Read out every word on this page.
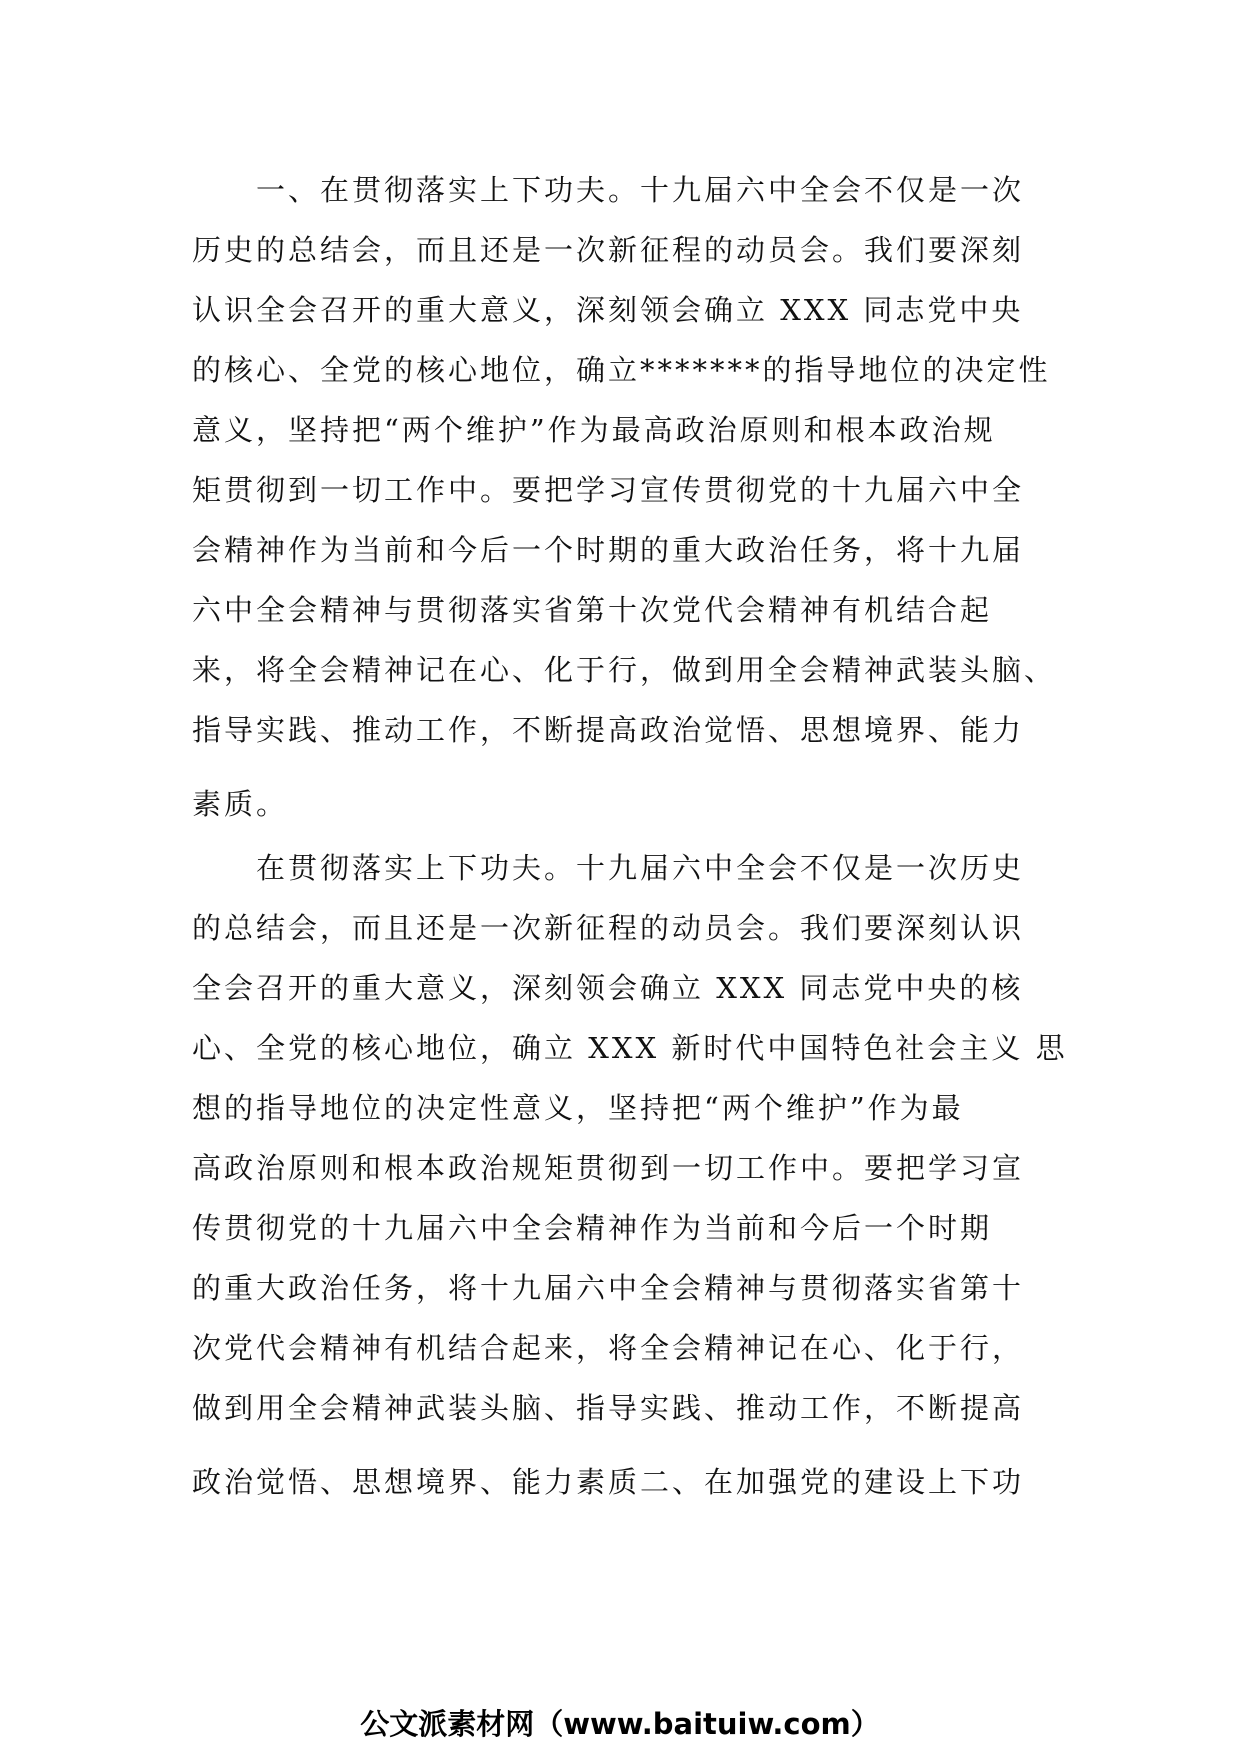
　　一、在贯彻落实上下功夫。十九届六中全会不仅是一次
历史的总结会，而且还是一次新征程的动员会。我们要深刻
认识全会召开的重大意义，深刻领会确立 XXX 同志党中央
的核心、全党的核心地位，确立*******的指导地位的决定性
意义，坚持把“两个维护”作为最高政治原则和根本政治规
矩贯彻到一切工作中。要把学习宣传贯彻党的十九届六中全
会精神作为当前和今后一个时期的重大政治任务，将十九届
六中全会精神与贯彻落实省第十次党代会精神有机结合起
来，将全会精神记在心、化于行，做到用全会精神武装头脑、
指导实践、推动工作，不断提高政治觉悟、思想境界、能力
素质。
　　在贯彻落实上下功夫。十九届六中全会不仅是一次历史
的总结会，而且还是一次新征程的动员会。我们要深刻认识
全会召开的重大意义，深刻领会确立 XXX 同志党中央的核
心、全党的核心地位，确立 XXX 新时代中国特色社会主义 思
想的指导地位的决定性意义，坚持把“两个维护”作为最
高政治原则和根本政治规矩贯彻到一切工作中。要把学习宣
传贯彻党的十九届六中全会精神作为当前和今后一个时期
的重大政治任务，将十九届六中全会精神与贯彻落实省第十
次党代会精神有机结合起来，将全会精神记在心、化于行，
做到用全会精神武装头脑、指导实践、推动工作，不断提高
政治觉悟、思想境界、能力素质二、在加强党的建设上下功
公文派素材网（www.baituiw.com）
